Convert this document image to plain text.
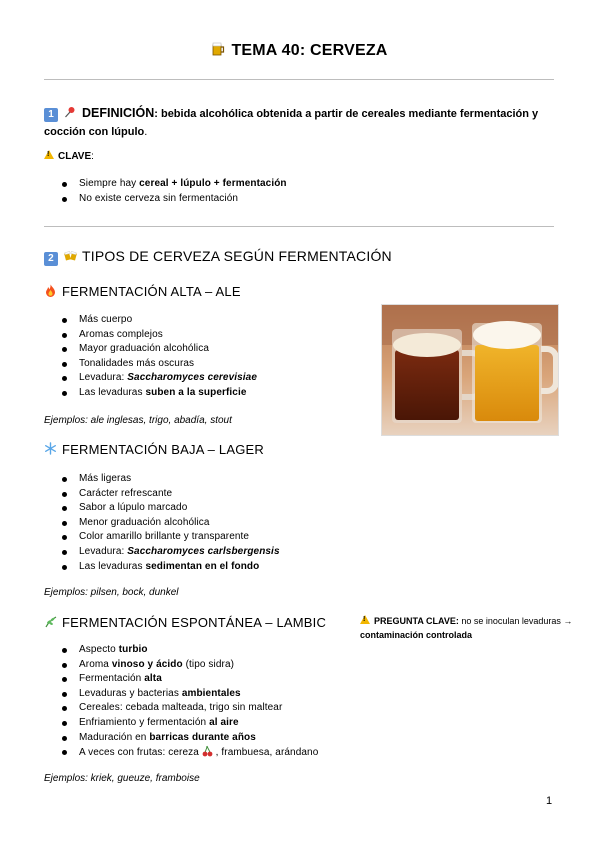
TEMA 40: CERVEZA
1 DEFINICIÓN: bebida alcohólica obtenida a partir de cereales mediante fermentación y
cocción con lúpulo.
!CLAVE:
Siempre hay cereal + lúpulo + fermentación
No existe cerveza sin fermentación
2 TIPOS DE CERVEZA SEGÚN FERMENTACIÓN
FERMENTACIÓN ALTA – ALE
Más cuerpo
Aromas complejos
Mayor graduación alcohólica
Tonalidades más oscuras
Levadura: Saccharomyces cerevisiae
Las levaduras suben a la superficie
Ejemplos: ale inglesas, trigo, abadía, stout
FERMENTACIÓN BAJA – LAGER
Más ligeras
Carácter refrescante
Sabor a lúpulo marcado
Menor graduación alcohólica
Color amarillo brillante y transparente
Levadura: Saccharomyces carlsbergensis
Las levaduras sedimentan en el fondo
Ejemplos: pilsen, bock, dunkel
FERMENTACIÓN ESPONTÁNEA – LAMBIC
Aspecto turbio
Aroma vinoso y ácido (tipo sidra)
Fermentación alta
Levaduras y bacterias ambientales
Cereales: cebada malteada, trigo sin maltear
Enfriamiento y fermentación al aire
Maduración en barricas durante años
A veces con frutas: cereza  , frambuesa, arándano
Ejemplos: kriek, gueuze, framboise
!PREGUNTA CLAVE: no se inoculan levaduras →
contaminación controlada
1
